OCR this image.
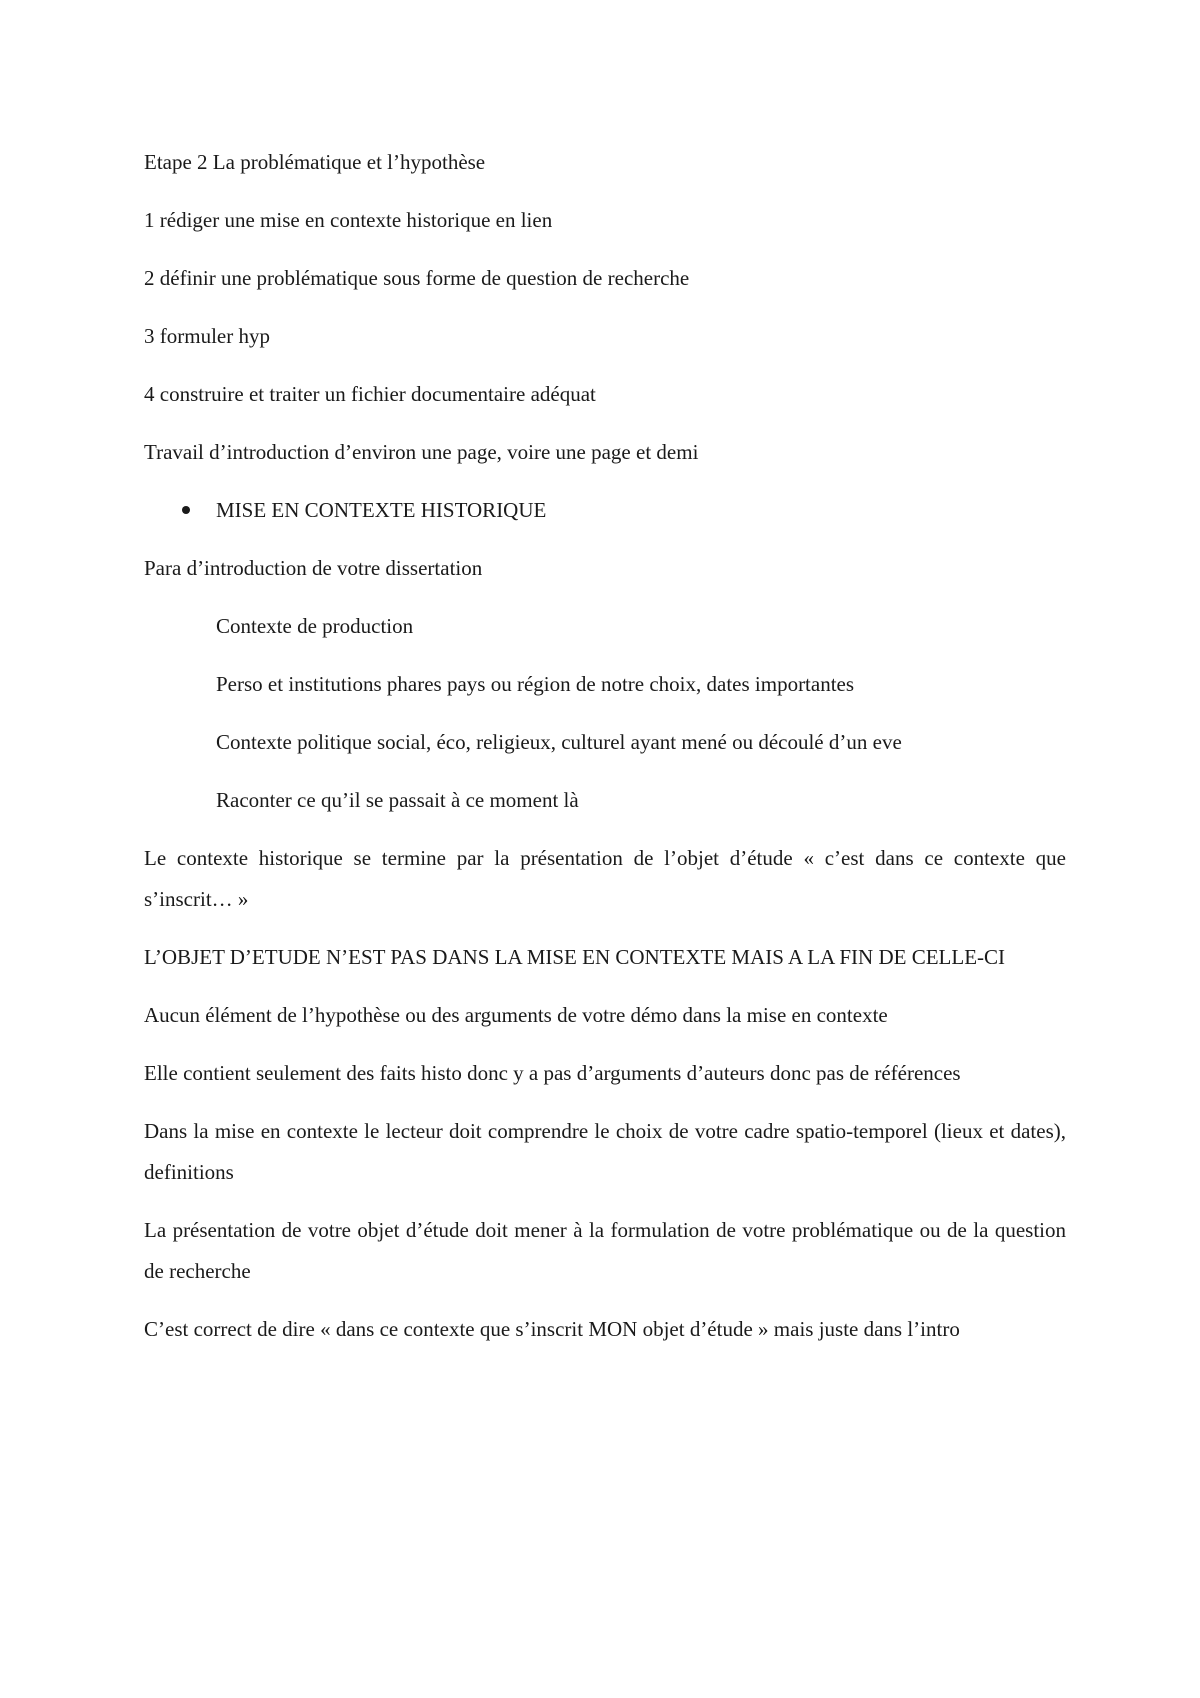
Etape 2 La problématique et l’hypothèse

1 rédiger une mise en contexte historique en lien

2 définir une problématique sous forme de question de recherche

3 formuler hyp

4 construire et traiter un fichier documentaire adéquat

Travail d’introduction d’environ une page, voire une page et demi

MISE EN CONTEXTE HISTORIQUE

Para d’introduction de votre dissertation

Contexte de production

Perso et institutions phares pays ou région de notre choix, dates importantes

Contexte politique social, éco, religieux, culturel ayant mené ou découlé d’un eve

Raconter ce qu’il se passait à ce moment là

Le contexte historique se termine par la présentation de l’objet d’étude « c’est dans ce contexte que s’inscrit… »

L’OBJET D’ETUDE N’EST PAS DANS LA MISE EN CONTEXTE MAIS A LA FIN DE CELLE-CI

Aucun élément de l’hypothèse ou des arguments de votre démo dans la mise en contexte

Elle contient seulement des faits histo donc y a pas d’arguments d’auteurs donc pas de références

Dans la mise en contexte le lecteur doit comprendre le choix de votre cadre spatio-temporel (lieux et dates), definitions

La présentation de votre objet d’étude doit mener à la formulation de votre problématique ou de la question de recherche

C’est correct de dire « dans ce contexte que s’inscrit MON objet d’étude » mais juste dans l’intro
